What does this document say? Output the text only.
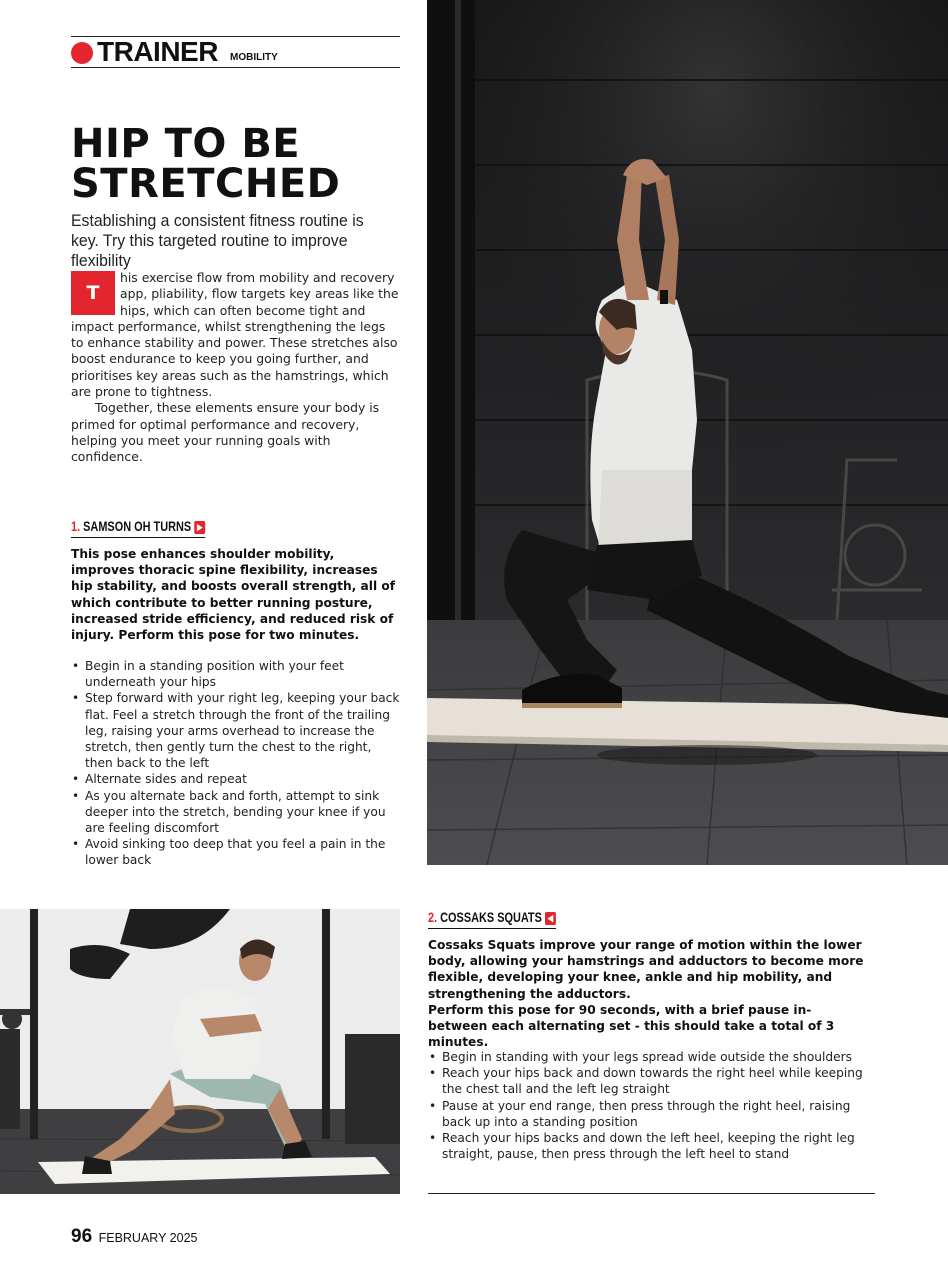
TRAINER MOBILITY
HIP TO BE
STRETCHED
Establishing a consistent fitness routine is key. Try this targeted routine to improve flexibility

T
his exercise flow from mobility and recovery app, pliability, flow targets key areas like the hips, which can often become tight and impact performance, whilst strengthening the legs to enhance stability and power. These stretches also boost endurance to keep you going further, and prioritises key areas such as the hamstrings, which are prone to tightness.

Together, these elements ensure your body is primed for optimal performance and recovery, helping you meet your running goals with confidence.

1. SAMSON OH TURNS ▶

This pose enhances shoulder mobility, improves thoracic spine flexibility, increases hip stability, and boosts overall strength, all of which contribute to better running posture, increased stride efficiency, and reduced risk of injury. Perform this pose for two minutes.

• Begin in a standing position with your feet underneath your hips
• Step forward with your right leg, keeping your back flat. Feel a stretch through the front of the trailing leg, raising your arms overhead to increase the stretch, then gently turn the chest to the right, then back to the left
• Alternate sides and repeat
• As you alternate back and forth, attempt to sink deeper into the stretch, bending your knee if you are feeling discomfort
• Avoid sinking too deep that you feel a pain in the lower back
2. COSSAKS SQUATS ◀
Cossaks Squats improve your range of motion within the lower body, allowing your hamstrings and adductors to become more flexible, developing your knee, ankle and hip mobility, and strengthening the adductors.
Perform this pose for 90 seconds, with a brief pause in-between each alternating set - this should take a total of 3 minutes.
• Begin in standing with your legs spread wide outside the shoulders
• Reach your hips back and down towards the right heel while keeping the chest tall and the left leg straight
• Pause at your end range, then press through the right heel, raising back up into a standing position
• Reach your hips backs and down the left heel, keeping the right leg straight, pause, then press through the left heel to stand
96 FEBRUARY 2025
